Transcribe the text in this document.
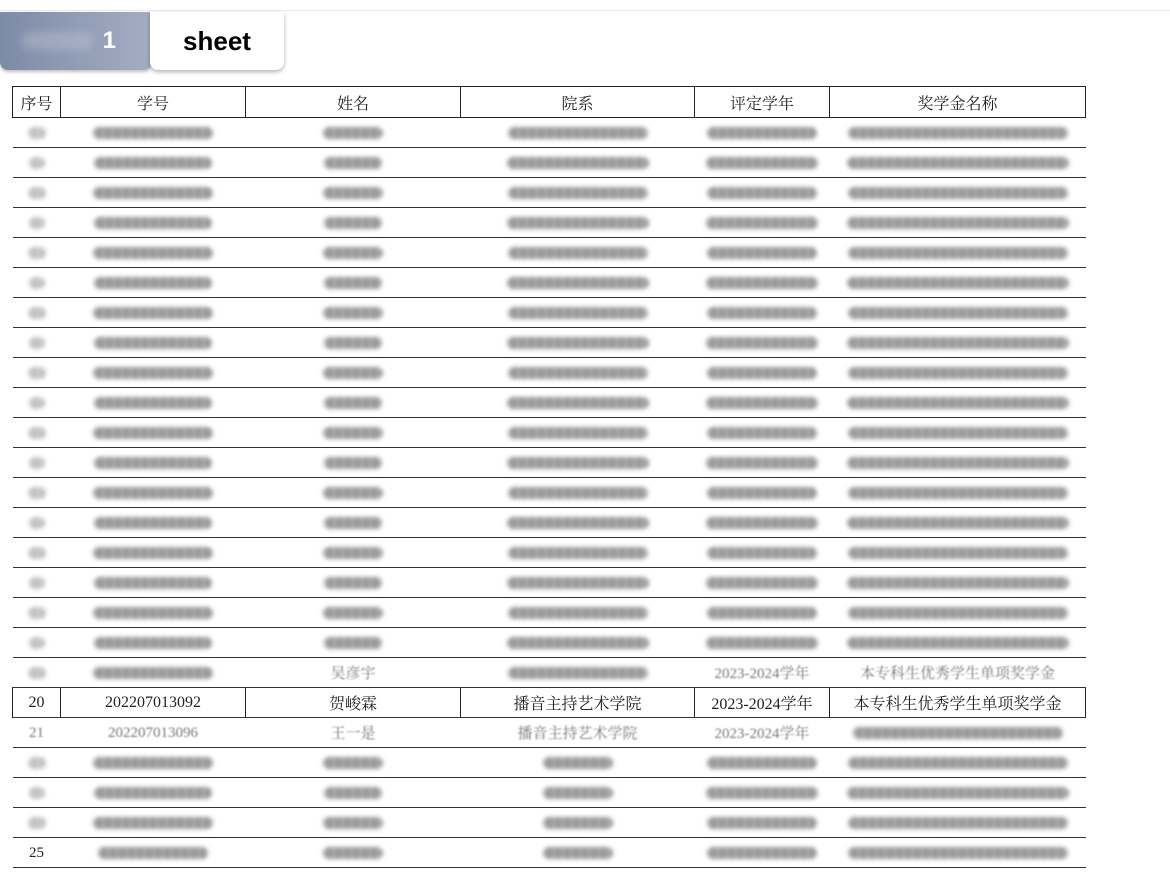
1	sheet
序号	学号	姓名	院系	评定学年	奖学金名称

		吴彦宇		2023-2024学年	本专科生优秀学生单项奖学金
20	202207013092	贺峻霖	播音主持艺术学院	2023-2024学年	本专科生优秀学生单项奖学金
21	202207013096	王一是	播音主持艺术学院	2023-2024学年	

25					
